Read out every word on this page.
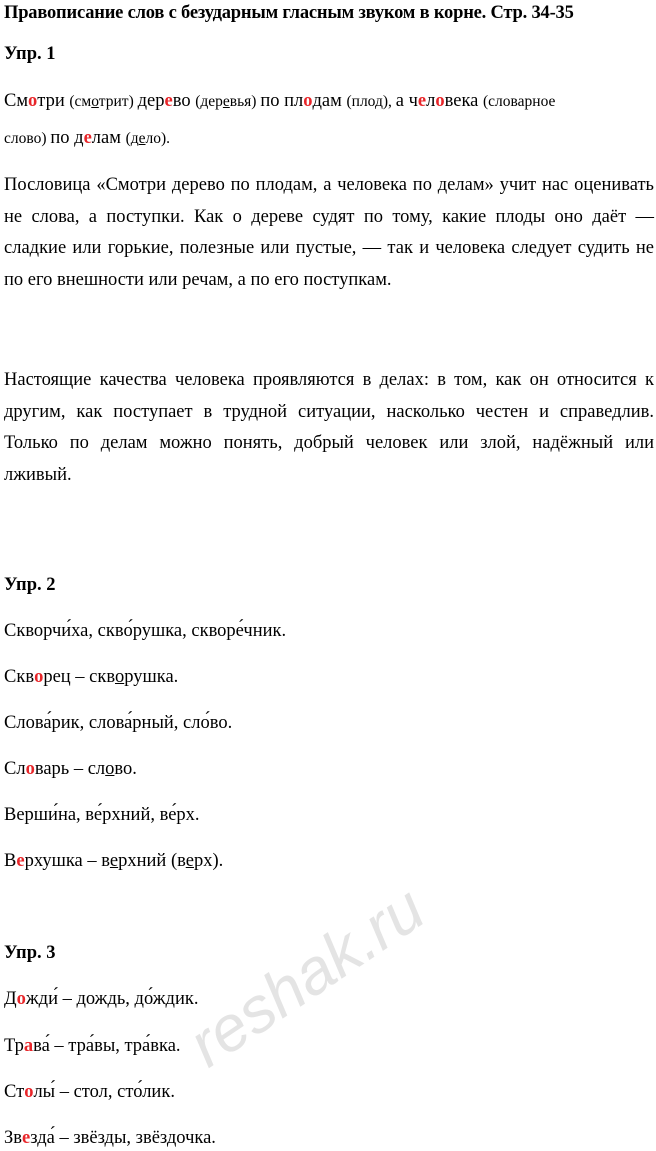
Правописание слов с безударным гласным звуком в корне. Стр. 34-35
Упр. 1
Смотри (смотрит) дерево (деревья) по плодам (плод), а человека (словарное
слово) по делам (дело).
Пословица «Смотри дерево по плодам, а человека по делам» учит нас оценивать не слова, а поступки. Как о дереве судят по тому, какие плоды оно даёт — сладкие или горькие, полезные или пустые, — так и человека следует судить не по его внешности или речам, а по его поступкам.
Настоящие качества человека проявляются в делах: в том, как он относится к другим, как поступает в трудной ситуации, насколько честен и справедлив. Только по делам можно понять, добрый человек или злой, надёжный или лживый.
Упр. 2
Скворчи́ха, скво́рушка, скворе́чник.
Скворец – скворушка.
Слова́рик, слова́рный, сло́во.
Словарь – слово.
Верши́на, ве́рхний, ве́рх.
Верхушка – верхний (верх).
Упр. 3
Дожди́ – дождь, до́ждик.
Трава́ – тра́вы, тра́вка.
Столы́ – стол, сто́лик.
Звезда́ – звёзды, звёздочка.
reshak.ru
